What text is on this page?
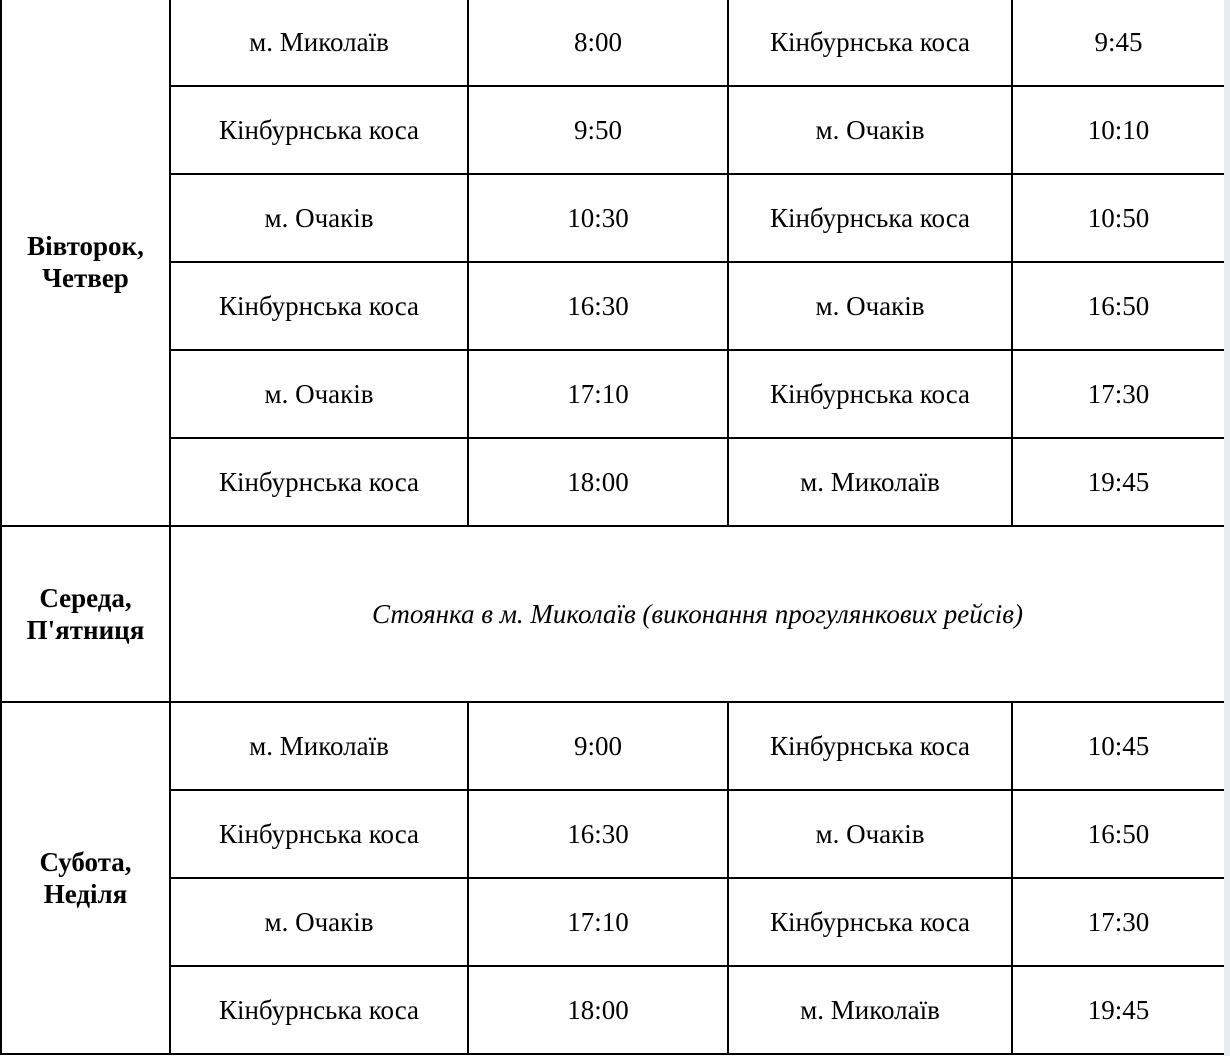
Вівторок,
Четвер	м. Миколаїв	8:00	Кінбурнська коса	9:45
	Кінбурнська коса	9:50	м. Очаків	10:10
	м. Очаків	10:30	Кінбурнська коса	10:50
	Кінбурнська коса	16:30	м. Очаків	16:50
	м. Очаків	17:10	Кінбурнська коса	17:30
	Кінбурнська коса	18:00	м. Миколаїв	19:45
Середа,
П'ятниця	Стоянка в м. Миколаїв (виконання прогулянкових рейсів)			
Субота,
Неділя	м. Миколаїв	9:00	Кінбурнська коса	10:45
	Кінбурнська коса	16:30	м. Очаків	16:50
	м. Очаків	17:10	Кінбурнська коса	17:30
	Кінбурнська коса	18:00	м. Миколаїв	19:45
